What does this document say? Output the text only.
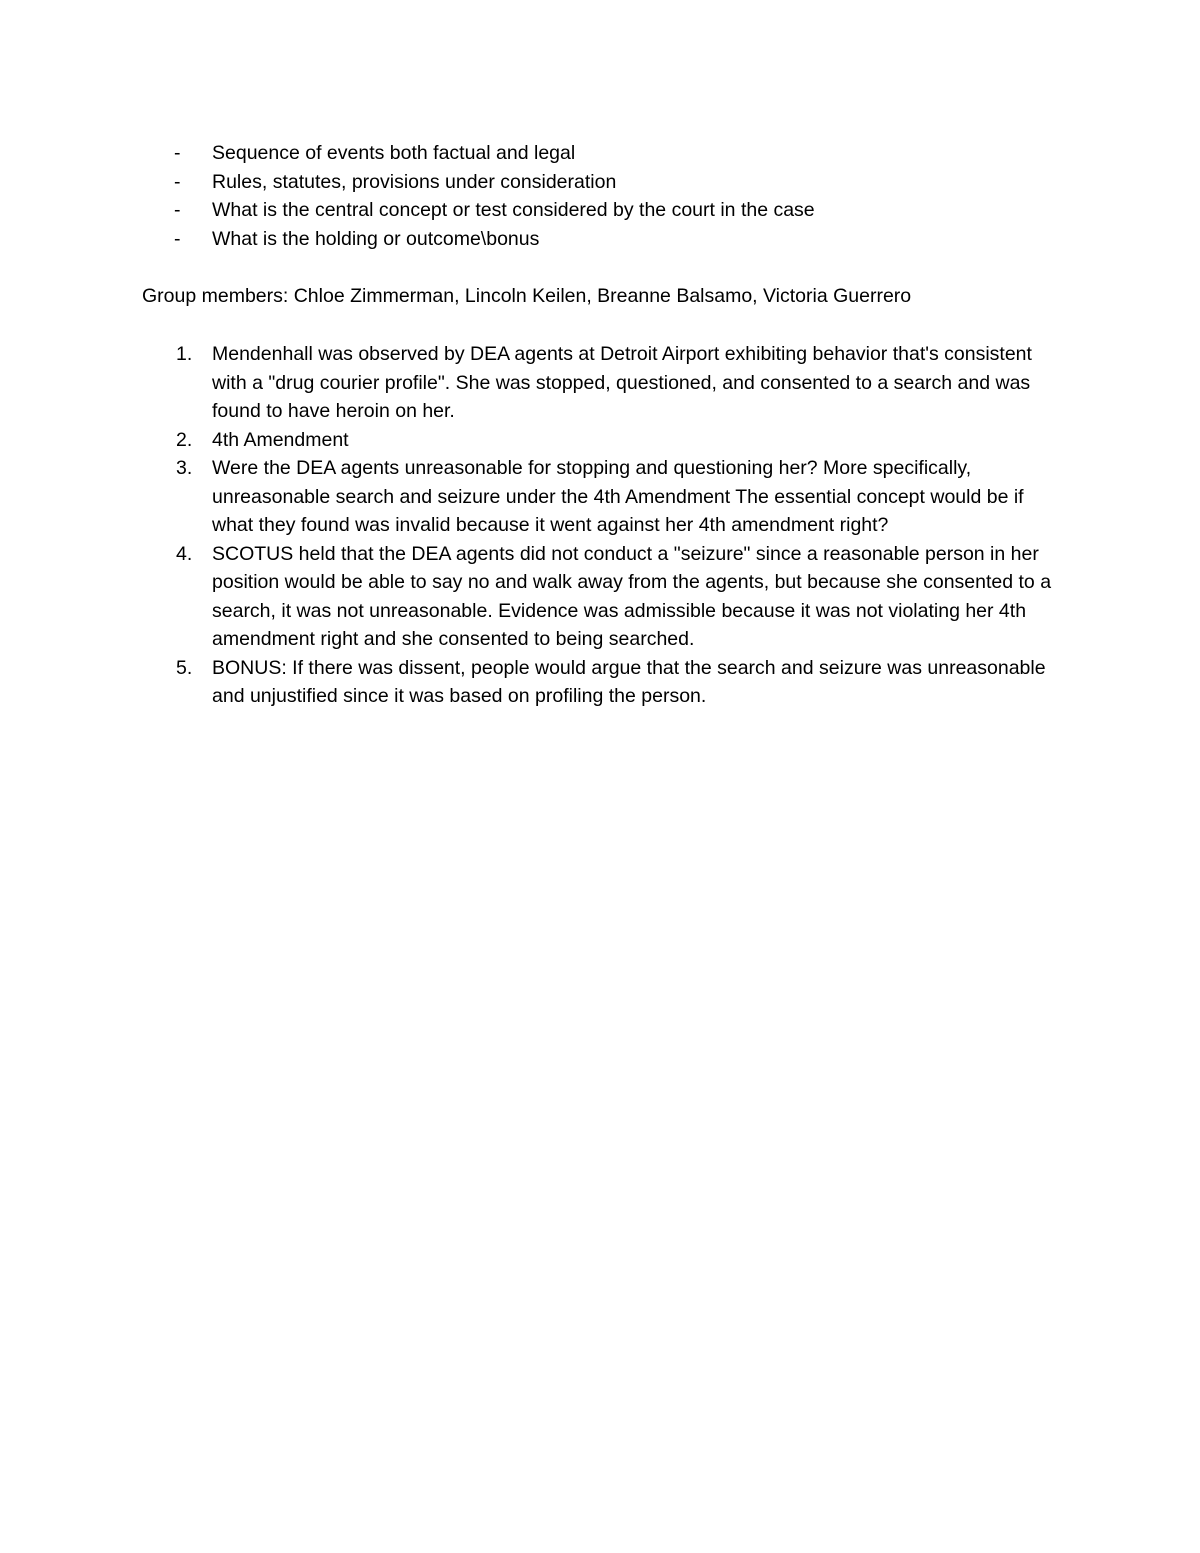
- Sequence of events both factual and legal
- Rules, statutes, provisions under consideration
- What is the central concept or test considered by the court in the case
- What is the holding or outcome\bonus

Group members: Chloe Zimmerman, Lincoln Keilen, Breanne Balsamo, Victoria Guerrero

1. Mendenhall was observed by DEA agents at Detroit Airport exhibiting behavior that's consistent with a "drug courier profile". She was stopped, questioned, and consented to a search and was found to have heroin on her.
2. 4th Amendment
3. Were the DEA agents unreasonable for stopping and questioning her? More specifically, unreasonable search and seizure under the 4th Amendment The essential concept would be if what they found was invalid because it went against her 4th amendment right?
4. SCOTUS held that the DEA agents did not conduct a "seizure" since a reasonable person in her position would be able to say no and walk away from the agents, but because she consented to a search, it was not unreasonable. Evidence was admissible because it was not violating her 4th amendment right and she consented to being searched.
5. BONUS: If there was dissent, people would argue that the search and seizure was unreasonable and unjustified since it was based on profiling the person.
